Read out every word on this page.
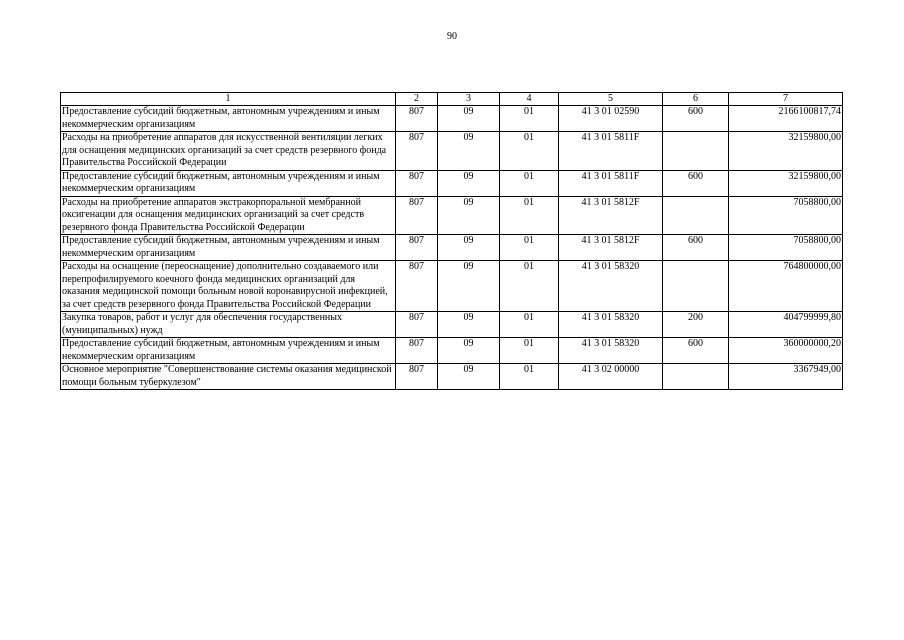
90
1	2	3	4	5	6	7
Предоставление субсидий бюджетным, автономным учреждениям и иным некоммерческим организациям	807	09	01	41 3 01 02590	600	2166100817,74
Расходы на приобретение аппаратов для искусственной вентиляции легких для оснащения медицинских организаций за счет средств резервного фонда Правительства Российской Федерации	807	09	01	41 3 01 5811F		32159800,00
Предоставление субсидий бюджетным, автономным учреждениям и иным некоммерческим организациям	807	09	01	41 3 01 5811F	600	32159800,00
Расходы на приобретение аппаратов экстракорпоральной мембранной оксигенации для оснащения медицинских организаций за счет средств резервного фонда Правительства Российской Федерации	807	09	01	41 3 01 5812F		7058800,00
Предоставление субсидий бюджетным, автономным учреждениям и иным некоммерческим организациям	807	09	01	41 3 01 5812F	600	7058800,00
Расходы на оснащение (переоснащение) дополнительно создаваемого или перепрофилируемого коечного фонда медицинских организаций для оказания медицинской помощи больным новой коронавирусной инфекцией, за счет средств резервного фонда Правительства Российской Федерации	807	09	01	41 3 01 58320		764800000,00
Закупка товаров, работ и услуг для обеспечения государственных (муниципальных) нужд	807	09	01	41 3 01 58320	200	404799999,80
Предоставление субсидий бюджетным, автономным учреждениям и иным некоммерческим организациям	807	09	01	41 3 01 58320	600	360000000,20
Основное мероприятие "Совершенствование системы оказания медицинской помощи больным туберкулезом"	807	09	01	41 3 02 00000		3367949,00
